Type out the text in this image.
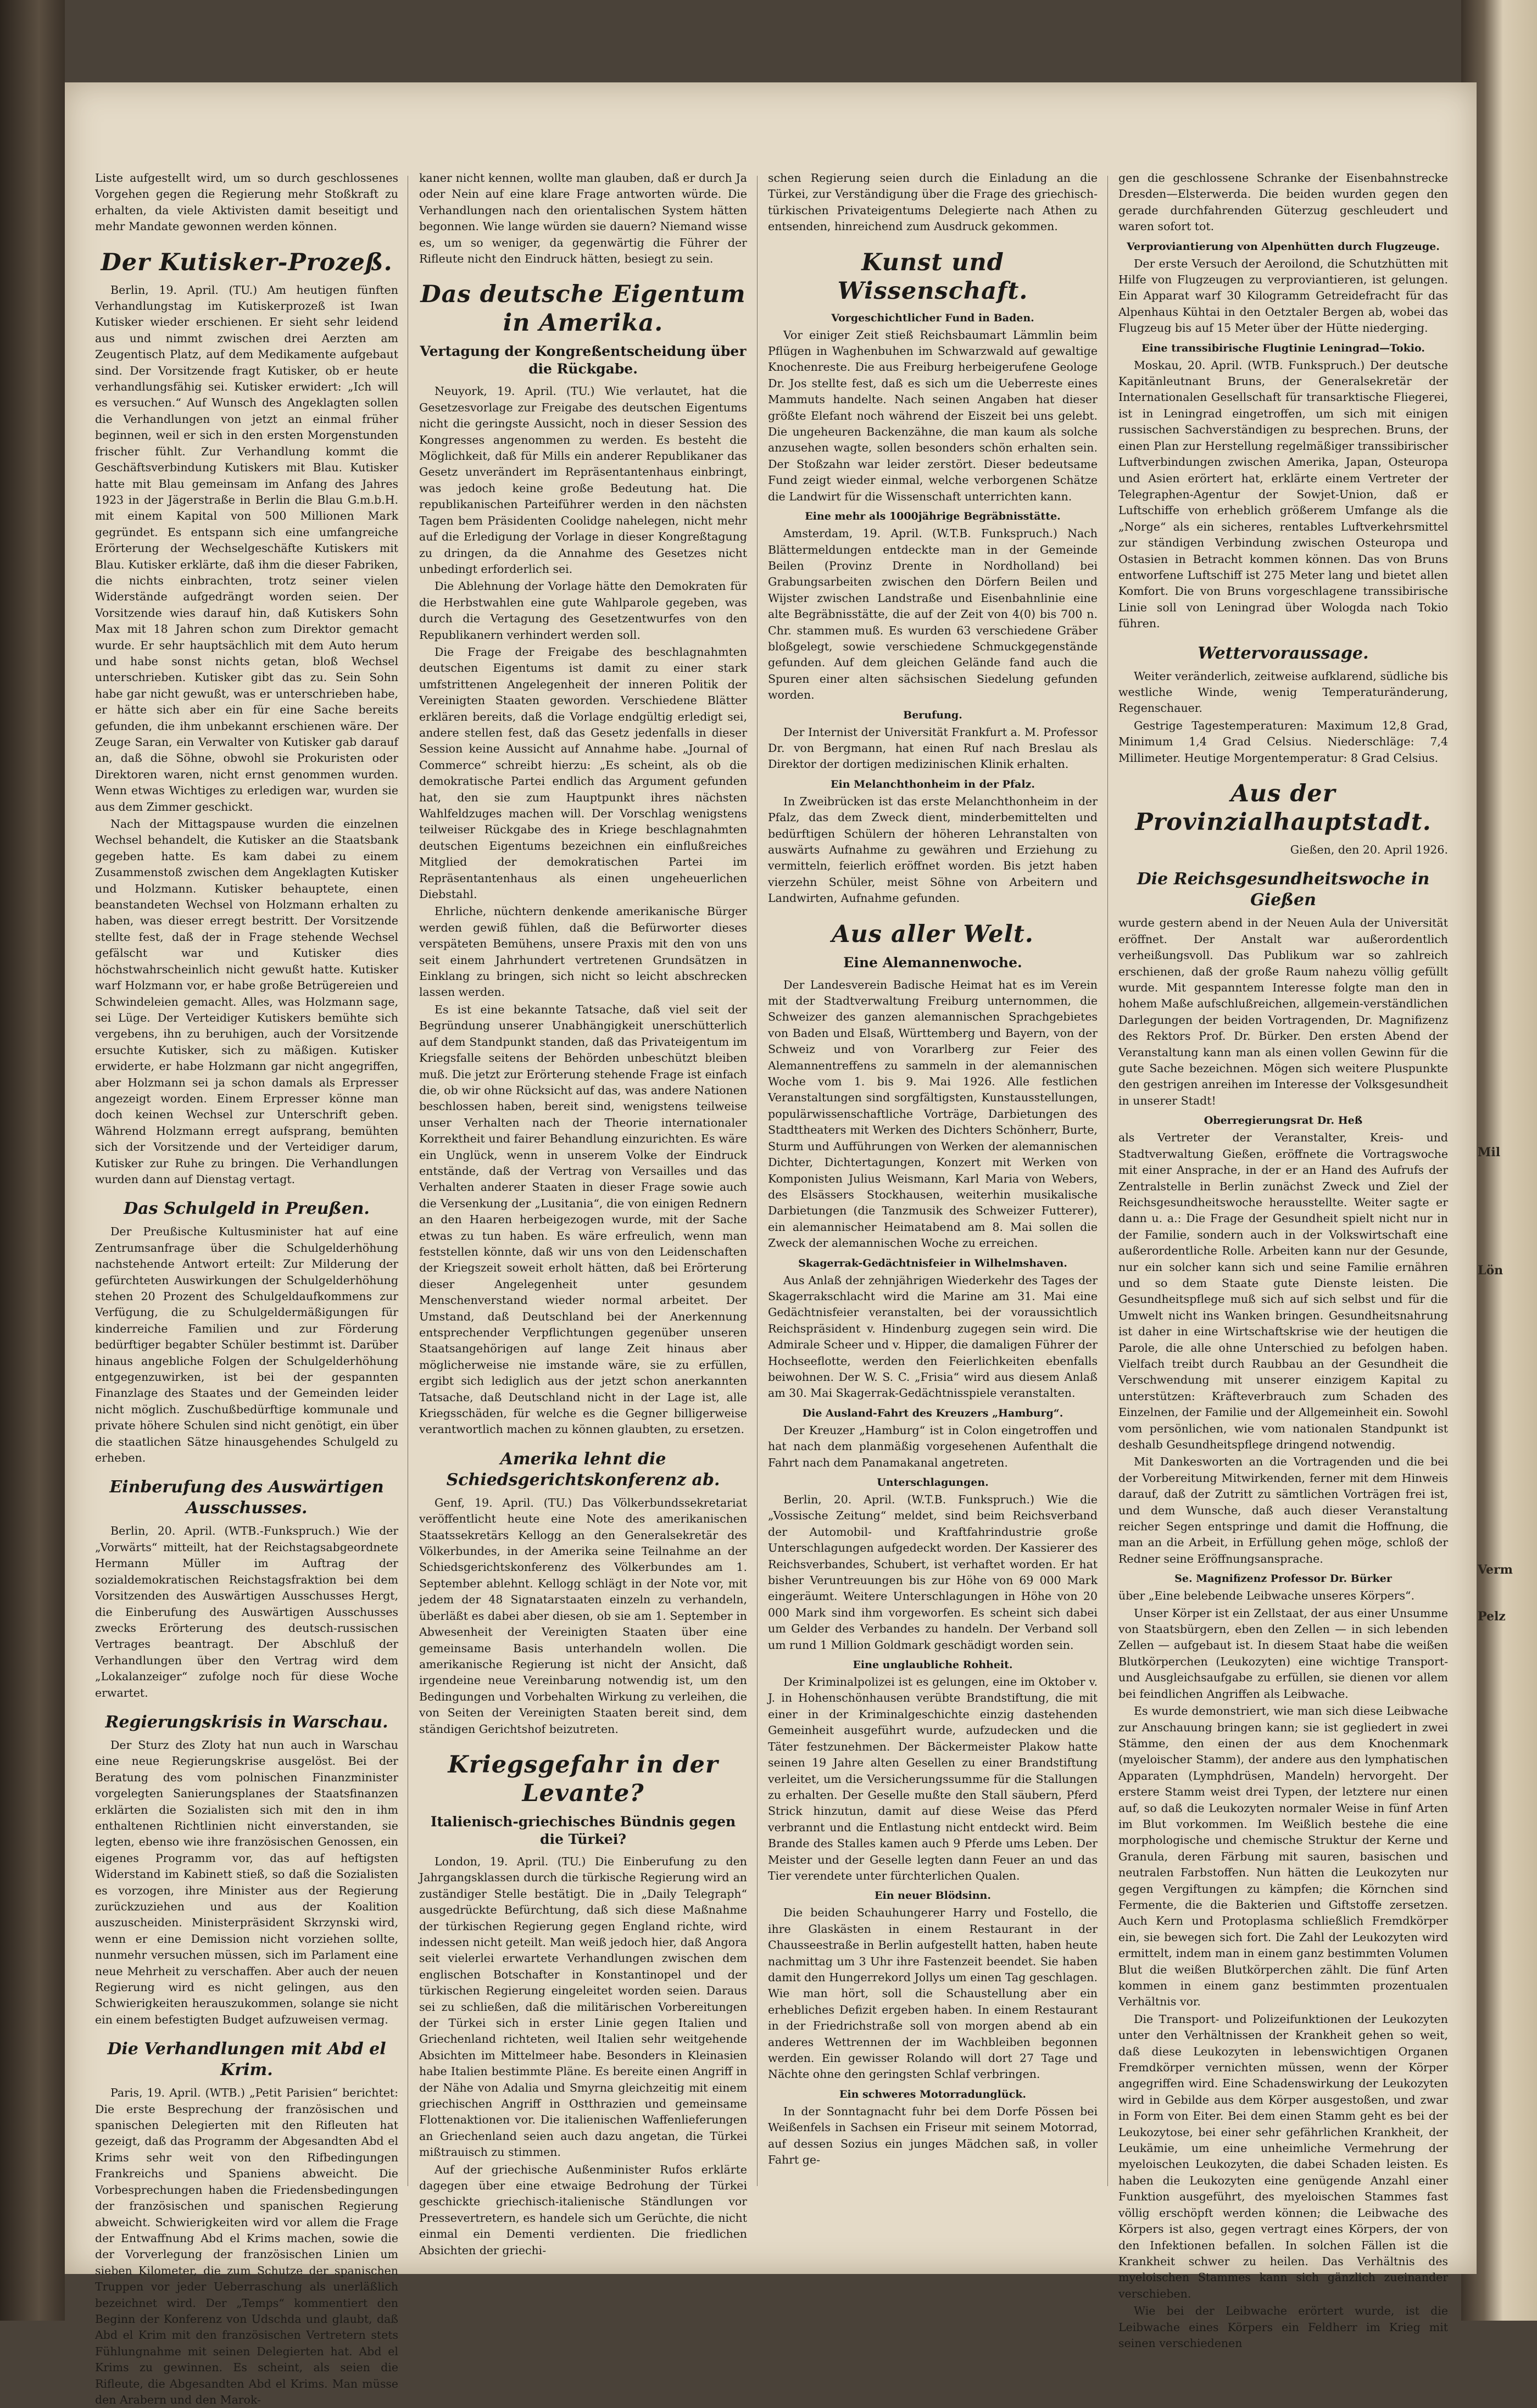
Mil
Lön
Verm
Pelz

Liste aufgestellt wird, um so durch geschlossenes Vorgehen gegen die Regierung mehr Stoßkraft zu erhalten, da viele Aktivisten damit beseitigt und mehr Mandate gewonnen werden können.

Der Kutisker-Prozeß.

Berlin, 19. April. (TU.) Am heutigen fünften Verhandlungstag im Kutiskerprozeß ist Iwan Kutisker wieder erschienen. Er sieht sehr leidend aus und nimmt zwischen drei Aerzten am Zeugentisch Platz, auf dem Medikamente aufgebaut sind. Der Vorsitzende fragt Kutisker, ob er heute verhandlungsfähig sei. Kutisker erwidert: „Ich will es versuchen.“ Auf Wunsch des Angeklagten sollen die Verhandlungen von jetzt an einmal früher beginnen, weil er sich in den ersten Morgenstunden frischer fühlt. Zur Verhandlung kommt die Geschäftsverbindung Kutiskers mit Blau. Kutisker hatte mit Blau gemeinsam im Anfang des Jahres 1923 in der Jägerstraße in Berlin die Blau G.m.b.H. mit einem Kapital von 500 Millionen Mark gegründet. Es entspann sich eine umfangreiche Erörterung der Wechselgeschäfte Kutiskers mit Blau. Kutisker erklärte, daß ihm die dieser Fabriken, die nichts einbrachten, trotz seiner vielen Widerstände aufgedrängt worden seien. Der Vorsitzende wies darauf hin, daß Kutiskers Sohn Max mit 18 Jahren schon zum Direktor gemacht wurde. Er sehr hauptsächlich mit dem Auto herum und habe sonst nichts getan, bloß Wechsel unterschrieben. Kutisker gibt das zu. Sein Sohn habe gar nicht gewußt, was er unterschrieben habe, er hätte sich aber ein für eine Sache bereits gefunden, die ihm unbekannt erschienen wäre. Der Zeuge Saran, ein Verwalter von Kutisker gab darauf an, daß die Söhne, obwohl sie Prokuristen oder Direktoren waren, nicht ernst genommen wurden. Wenn etwas Wichtiges zu erledigen war, wurden sie aus dem Zimmer geschickt.

Nach der Mittagspause wurden die einzelnen Wechsel behandelt, die Kutisker an die Staatsbank gegeben hatte. Es kam dabei zu einem Zusammenstoß zwischen dem Angeklagten Kutisker und Holzmann. Kutisker behauptete, einen beanstandeten Wechsel von Holzmann erhalten zu haben, was dieser erregt bestritt. Der Vorsitzende stellte fest, daß der in Frage stehende Wechsel gefälscht war und Kutisker dies höchstwahrscheinlich nicht gewußt hatte. Kutisker warf Holzmann vor, er habe große Betrügereien und Schwindeleien gemacht. Alles, was Holzmann sage, sei Lüge. Der Verteidiger Kutiskers bemühte sich vergebens, ihn zu beruhigen, auch der Vorsitzende ersuchte Kutisker, sich zu mäßigen. Kutisker erwiderte, er habe Holzmann gar nicht angegriffen, aber Holzmann sei ja schon damals als Erpresser angezeigt worden. Einem Erpresser könne man doch keinen Wechsel zur Unterschrift geben. Während Holzmann erregt aufsprang, bemühten sich der Vorsitzende und der Verteidiger darum, Kutisker zur Ruhe zu bringen. Die Verhandlungen wurden dann auf Dienstag vertagt.

Das Schulgeld in Preußen.

Der Preußische Kultusminister hat auf eine Zentrumsanfrage über die Schulgelderhöhung nachstehende Antwort erteilt: Zur Milderung der gefürchteten Auswirkungen der Schulgelderhöhung stehen 20 Prozent des Schulgeldaufkommens zur Verfügung, die zu Schulgeldermäßigungen für kinderreiche Familien und zur Förderung bedürftiger begabter Schüler bestimmt ist. Darüber hinaus angebliche Folgen der Schulgelderhöhung entgegenzuwirken, ist bei der gespannten Finanzlage des Staates und der Gemeinden leider nicht möglich. Zuschußbedürftige kommunale und private höhere Schulen sind nicht genötigt, ein über die staatlichen Sätze hinausgehendes Schulgeld zu erheben.

Einberufung des Auswärtigen Ausschusses.

Berlin, 20. April. (WTB.-Funkspruch.) Wie der „Vorwärts“ mitteilt, hat der Reichstagsabgeordnete Hermann Müller im Auftrag der sozialdemokratischen Reichstagsfraktion bei dem Vorsitzenden des Auswärtigen Ausschusses Hergt, die Einberufung des Auswärtigen Ausschusses zwecks Erörterung des deutsch-russischen Vertrages beantragt. Der Abschluß der Verhandlungen über den Vertrag wird dem „Lokalanzeiger“ zufolge noch für diese Woche erwartet.

Regierungskrisis in Warschau.

Der Sturz des Zloty hat nun auch in Warschau eine neue Regierungskrise ausgelöst. Bei der Beratung des vom polnischen Finanzminister vorgelegten Sanierungsplanes der Staatsfinanzen erklärten die Sozialisten sich mit den in ihm enthaltenen Richtlinien nicht einverstanden, sie legten, ebenso wie ihre französischen Genossen, ein eigenes Programm vor, das auf heftigsten Widerstand im Kabinett stieß, so daß die Sozialisten es vorzogen, ihre Minister aus der Regierung zurückzuziehen und aus der Koalition auszuscheiden. Ministerpräsident Skrzynski wird, wenn er eine Demission nicht vorziehen sollte, nunmehr versuchen müssen, sich im Parlament eine neue Mehrheit zu verschaffen. Aber auch der neuen Regierung wird es nicht gelingen, aus den Schwierigkeiten herauszukommen, solange sie nicht ein einem befestigten Budget aufzuweisen vermag.

Die Verhandlungen mit Abd el Krim.

Paris, 19. April. (WTB.) „Petit Parisien“ berichtet: Die erste Besprechung der französischen und spanischen Delegierten mit den Rifleuten hat gezeigt, daß das Programm der Abgesandten Abd el Krims sehr weit von den Rifbedingungen Frankreichs und Spaniens abweicht. Die Vorbesprechungen haben die Friedensbedingungen der französischen und spanischen Regierung abweicht. Schwierigkeiten wird vor allem die Frage der Entwaffnung Abd el Krims machen, sowie die der Vorverlegung der französischen Linien um sieben Kilometer, die zum Schutze der spanischen Truppen vor jeder Ueberraschung als unerläßlich bezeichnet wird. Der „Temps“ kommentiert den Beginn der Konferenz von Udschda und glaubt, daß Abd el Krim mit den französischen Vertretern stets Fühlungnahme mit seinen Delegierten hat. Abd el Krims zu gewinnen. Es scheint, als seien die Rifleute, die Abgesandten Abd el Krims. Man müsse den Arabern und den Marok-

kaner nicht kennen, wollte man glauben, daß er durch Ja oder Nein auf eine klare Frage antworten würde. Die Verhandlungen nach den orientalischen System hätten begonnen. Wie lange würden sie dauern? Niemand wisse es, um so weniger, da gegenwärtig die Führer der Rifleute nicht den Eindruck hätten, besiegt zu sein.

Das deutsche Eigentum in Amerika.
Vertagung der Kongreßentscheidung über die Rückgabe.

Neuyork, 19. April. (TU.) Wie verlautet, hat die Gesetzesvorlage zur Freigabe des deutschen Eigentums nicht die geringste Aussicht, noch in dieser Session des Kongresses angenommen zu werden. Es besteht die Möglichkeit, daß für Mills ein anderer Republikaner das Gesetz unverändert im Repräsentantenhaus einbringt, was jedoch keine große Bedeutung hat. Die republikanischen Parteiführer werden in den nächsten Tagen bem Präsidenten Coolidge nahelegen, nicht mehr auf die Erledigung der Vorlage in dieser Kongreßtagung zu dringen, da die Annahme des Gesetzes nicht unbedingt erforderlich sei.

Die Ablehnung der Vorlage hätte den Demokraten für die Herbstwahlen eine gute Wahlparole gegeben, was durch die Vertagung des Gesetzentwurfes von den Republikanern verhindert werden soll.

Die Frage der Freigabe des beschlagnahmten deutschen Eigentums ist damit zu einer stark umfstrittenen Angelegenheit der inneren Politik der Vereinigten Staaten geworden. Verschiedene Blätter erklären bereits, daß die Vorlage endgültig erledigt sei, andere stellen fest, daß das Gesetz jedenfalls in dieser Session keine Aussicht auf Annahme habe. „Journal of Commerce“ schreibt hierzu: „Es scheint, als ob die demokratische Partei endlich das Argument gefunden hat, den sie zum Hauptpunkt ihres nächsten Wahlfeldzuges machen will. Der Vorschlag wenigstens teilweiser Rückgabe des in Kriege beschlagnahmten deutschen Eigentums bezeichnen ein einflußreiches Mitglied der demokratischen Partei im Repräsentantenhaus als einen ungeheuerlichen Diebstahl.

Ehrliche, nüchtern denkende amerikanische Bürger werden gewiß fühlen, daß die Befürworter dieses verspäteten Bemühens, unsere Praxis mit den von uns seit einem Jahrhundert vertretenen Grundsätzen in Einklang zu bringen, sich nicht so leicht abschrecken lassen werden.

Es ist eine bekannte Tatsache, daß viel seit der Begründung unserer Unabhängigkeit unerschütterlich auf dem Standpunkt standen, daß das Privateigentum im Kriegsfalle seitens der Behörden unbeschützt bleiben muß. Die jetzt zur Erörterung stehende Frage ist einfach die, ob wir ohne Rücksicht auf das, was andere Nationen beschlossen haben, bereit sind, wenigstens teilweise unser Verhalten nach der Theorie internationaler Korrektheit und fairer Behandlung einzurichten. Es wäre ein Unglück, wenn in unserem Volke der Eindruck entstände, daß der Vertrag von Versailles und das Verhalten anderer Staaten in dieser Frage sowie auch die Versenkung der „Lusitania“, die von einigen Rednern an den Haaren herbeigezogen wurde, mit der Sache etwas zu tun haben. Es wäre erfreulich, wenn man feststellen könnte, daß wir uns von den Leidenschaften der Kriegszeit soweit erholt hätten, daß bei Erörterung dieser Angelegenheit unter gesundem Menschenverstand wieder normal arbeitet. Der Umstand, daß Deutschland bei der Anerkennung entsprechender Verpflichtungen gegenüber unseren Staatsangehörigen auf lange Zeit hinaus aber möglicherweise nie imstande wäre, sie zu erfüllen, ergibt sich lediglich aus der jetzt schon anerkannten Tatsache, daß Deutschland nicht in der Lage ist, alle Kriegsschäden, für welche es die Gegner billigerweise verantwortlich machen zu können glaubten, zu ersetzen.

Amerika lehnt die Schiedsgerichtskonferenz ab.

Genf, 19. April. (TU.) Das Völkerbundssekretariat veröffentlicht heute eine Note des amerikanischen Staatssekretärs Kellogg an den Generalsekretär des Völkerbundes, in der Amerika seine Teilnahme an der Schiedsgerichtskonferenz des Völkerbundes am 1. September ablehnt. Kellogg schlägt in der Note vor, mit jedem der 48 Signatarstaaten einzeln zu verhandeln, überläßt es dabei aber diesen, ob sie am 1. September in Abwesenheit der Vereinigten Staaten über eine gemeinsame Basis unterhandeln wollen. Die amerikanische Regierung ist nicht der Ansicht, daß irgendeine neue Vereinbarung notwendig ist, um den Bedingungen und Vorbehalten Wirkung zu verleihen, die von Seiten der Vereinigten Staaten bereit sind, dem ständigen Gerichtshof beizutreten.

Kriegsgefahr in der Levante?
Italienisch-griechisches Bündnis gegen die Türkei?

London, 19. April. (TU.) Die Einberufung zu den Jahrgangsklassen durch die türkische Regierung wird an zuständiger Stelle bestätigt. Die in „Daily Telegraph“ ausgedrückte Befürchtung, daß sich diese Maßnahme der türkischen Regierung gegen England richte, wird indessen nicht geteilt. Man weiß jedoch hier, daß Angora seit vielerlei erwartete Verhandlungen zwischen dem englischen Botschafter in Konstantinopel und der türkischen Regierung eingeleitet worden seien. Daraus sei zu schließen, daß die militärischen Vorbereitungen der Türkei sich in erster Linie gegen Italien und Griechenland richteten, weil Italien sehr weitgehende Absichten im Mittelmeer habe. Besonders in Kleinasien habe Italien bestimmte Pläne. Es bereite einen Angriff in der Nähe von Adalia und Smyrna gleichzeitig mit einem griechischen Angriff in Ostthrazien und gemeinsame Flottenaktionen vor. Die italienischen Waffenlieferungen an Griechenland seien auch dazu angetan, die Türkei mißtrauisch zu stimmen.

Auf der griechische Außenminister Rufos erklärte dagegen über eine etwaige Bedrohung der Türkei geschickte griechisch-italienische Ständlungen vor Pressevertretern, es handele sich um Gerüchte, die nicht einmal ein Dementi verdienten. Die friedlichen Absichten der griechi-

schen Regierung seien durch die Einladung an die Türkei, zur Verständigung über die Frage des griechisch-türkischen Privateigentums Delegierte nach Athen zu entsenden, hinreichend zum Ausdruck gekommen.

Kunst und Wissenschaft.
Vorgeschichtlicher Fund in Baden.

Vor einiger Zeit stieß Reichsbaumart Lämmlin beim Pflügen in Waghenbuhen im Schwarzwald auf gewaltige Knochenreste. Die aus Freiburg herbeigerufene Geologe Dr. Jos stellte fest, daß es sich um die Ueberreste eines Mammuts handelte. Nach seinen Angaben hat dieser größte Elefant noch während der Eiszeit bei uns gelebt. Die ungeheuren Backenzähne, die man kaum als solche anzusehen wagte, sollen besonders schön erhalten sein. Der Stoßzahn war leider zerstört. Dieser bedeutsame Fund zeigt wieder einmal, welche verborgenen Schätze die Landwirt für die Wissenschaft unterrichten kann.

Eine mehr als 1000jährige Begräbnisstätte.

Amsterdam, 19. April. (W.T.B. Funkspruch.) Nach Blättermeldungen entdeckte man in der Gemeinde Beilen (Provinz Drente in Nordholland) bei Grabungsarbeiten zwischen den Dörfern Beilen und Wijster zwischen Landstraße und Eisenbahnlinie eine alte Begräbnisstätte, die auf der Zeit von 4(0) bis 700 n. Chr. stammen muß. Es wurden 63 verschiedene Gräber bloßgelegt, sowie verschiedene Schmuckgegenstände gefunden. Auf dem gleichen Gelände fand auch die Spuren einer alten sächsischen Siedelung gefunden worden.

Berufung.

Der Internist der Universität Frankfurt a. M. Professor Dr. von Bergmann, hat einen Ruf nach Breslau als Direktor der dortigen medizinischen Klinik erhalten.

Ein Melanchthonheim in der Pfalz.

In Zweibrücken ist das erste Melanchthonheim in der Pfalz, das dem Zweck dient, minderbemittelten und bedürftigen Schülern der höheren Lehranstalten von auswärts Aufnahme zu gewähren und Erziehung zu vermitteln, feierlich eröffnet worden. Bis jetzt haben vierzehn Schüler, meist Söhne von Arbeitern und Landwirten, Aufnahme gefunden.

Aus aller Welt.
Eine Alemannenwoche.

Der Landesverein Badische Heimat hat es im Verein mit der Stadtverwaltung Freiburg unternommen, die Schweizer des ganzen alemannischen Sprachgebietes von Baden und Elsaß, Württemberg und Bayern, von der Schweiz und von Vorarlberg zur Feier des Alemannentreffens zu sammeln in der alemannischen Woche vom 1. bis 9. Mai 1926. Alle festlichen Veranstaltungen sind sorgfältigsten, Kunstausstellungen, populärwissenschaftliche Vorträge, Darbietungen des Stadttheaters mit Werken des Dichters Schönherr, Burte, Sturm und Aufführungen von Werken der alemannischen Dichter, Dichtertagungen, Konzert mit Werken von Komponisten Julius Weismann, Karl Maria von Webers, des Elsässers Stockhausen, weiterhin musikalische Darbietungen (die Tanzmusik des Schweizer Futterer), ein alemannischer Heimatabend am 8. Mai sollen die Zweck der alemannischen Woche zu erreichen.

Skagerrak-Gedächtnisfeier in Wilhelmshaven.

Aus Anlaß der zehnjährigen Wiederkehr des Tages der Skagerrakschlacht wird die Marine am 31. Mai eine Gedächtnisfeier veranstalten, bei der voraussichtlich Reichspräsident v. Hindenburg zugegen sein wird. Die Admirale Scheer und v. Hipper, die damaligen Führer der Hochseeflotte, werden den Feierlichkeiten ebenfalls beiwohnen. Der W. S. C. „Frisia“ wird aus diesem Anlaß am 30. Mai Skagerrak-Gedächtnisspiele veranstalten.

Die Ausland-Fahrt des Kreuzers „Hamburg“.

Der Kreuzer „Hamburg“ ist in Colon eingetroffen und hat nach dem planmäßig vorgesehenen Aufenthalt die Fahrt nach dem Panamakanal angetreten.

Unterschlagungen.

Berlin, 20. April. (W.T.B. Funkspruch.) Wie die „Vossische Zeitung“ meldet, sind beim Reichsverband der Automobil- und Kraftfahrindustrie große Unterschlagungen aufgedeckt worden. Der Kassierer des Reichsverbandes, Schubert, ist verhaftet worden. Er hat bisher Veruntreuungen bis zur Höhe von 69 000 Mark eingeräumt. Weitere Unterschlagungen in Höhe von 20 000 Mark sind ihm vorgeworfen. Es scheint sich dabei um Gelder des Verbandes zu handeln. Der Verband soll um rund 1 Million Goldmark geschädigt worden sein.

Eine unglaubliche Rohheit.

Der Kriminalpolizei ist es gelungen, eine im Oktober v. J. in Hohenschönhausen verübte Brandstiftung, die mit einer in der Kriminalgeschichte einzig dastehenden Gemeinheit ausgeführt wurde, aufzudecken und die Täter festzunehmen. Der Bäckermeister Plakow hatte seinen 19 Jahre alten Gesellen zu einer Brandstiftung verleitet, um die Versicherungssumme für die Stallungen zu erhalten. Der Geselle mußte den Stall säubern, Pferd Strick hinzutun, damit auf diese Weise das Pferd verbrannt und die Entlastung nicht entdeckt wird. Beim Brande des Stalles kamen auch 9 Pferde ums Leben. Der Meister und der Geselle legten dann Feuer an und das Tier verendete unter fürchterlichen Qualen.

Ein neuer Blödsinn.

Die beiden Schauhungerer Harry und Fostello, die ihre Glaskästen in einem Restaurant in der Chausseestraße in Berlin aufgestellt hatten, haben heute nachmittag um 3 Uhr ihre Fastenzeit beendet. Sie haben damit den Hungerrekord Jollys um einen Tag geschlagen. Wie man hört, soll die Schaustellung aber ein erhebliches Defizit ergeben haben. In einem Restaurant in der Friedrichstraße soll von morgen abend ab ein anderes Wettrennen der im Wachbleiben begonnen werden. Ein gewisser Rolando will dort 27 Tage und Nächte ohne den geringsten Schlaf verbringen.

Ein schweres Motorradunglück.

In der Sonntagnacht fuhr bei dem Dorfe Pössen bei Weißenfels in Sachsen ein Friseur mit seinem Motorrad, auf dessen Sozius ein junges Mädchen saß, in voller Fahrt ge-

gen die geschlossene Schranke der Eisenbahnstrecke Dresden—Elsterwerda. Die beiden wurden gegen den gerade durchfahrenden Güterzug geschleudert und waren sofort tot.

Verproviantierung von Alpenhütten durch Flugzeuge.

Der erste Versuch der Aeroilond, die Schutzhütten mit Hilfe von Flugzeugen zu verproviantieren, ist gelungen. Ein Apparat warf 30 Kilogramm Getreidefracht für das Alpenhaus Kühtai in den Oetztaler Bergen ab, wobei das Flugzeug bis auf 15 Meter über der Hütte niederging.

Eine transsibirische Flugtinie Leningrad—Tokio.

Moskau, 20. April. (WTB. Funkspruch.) Der deutsche Kapitänleutnant Bruns, der Generalsekretär der Internationalen Gesellschaft für transarktische Fliegerei, ist in Leningrad eingetroffen, um sich mit einigen russischen Sachverständigen zu besprechen. Bruns, der einen Plan zur Herstellung regelmäßiger transsibirischer Luftverbindungen zwischen Amerika, Japan, Osteuropa und Asien erörtert hat, erklärte einem Vertreter der Telegraphen-Agentur der Sowjet-Union, daß er Luftschiffe von erheblich größerem Umfange als die „Norge“ als ein sicheres, rentables Luftverkehrsmittel zur ständigen Verbindung zwischen Osteuropa und Ostasien in Betracht kommen können. Das von Bruns entworfene Luftschiff ist 275 Meter lang und bietet allen Komfort. Die von Bruns vorgeschlagene transsibirische Linie soll von Leningrad über Wologda nach Tokio führen.

Wettervoraussage.

Weiter veränderlich, zeitweise aufklarend, südliche bis westliche Winde, wenig Temperaturänderung, Regenschauer.

Gestrige Tagestemperaturen: Maximum 12,8 Grad, Minimum 1,4 Grad Celsius. Niederschläge: 7,4 Millimeter. Heutige Morgentemperatur: 8 Grad Celsius.

Aus der Provinzialhauptstadt.

Gießen, den 20. April 1926.

Die Reichsgesundheitswoche in Gießen

wurde gestern abend in der Neuen Aula der Universität eröffnet. Der Anstalt war außerordentlich verheißungsvoll. Das Publikum war so zahlreich erschienen, daß der große Raum nahezu völlig gefüllt wurde. Mit gespanntem Interesse folgte man den in hohem Maße aufschlußreichen, allgemein-verständlichen Darlegungen der beiden Vortragenden, Dr. Magnifizenz des Rektors Prof. Dr. Bürker. Den ersten Abend der Veranstaltung kann man als einen vollen Gewinn für die gute Sache bezeichnen. Mögen sich weitere Pluspunkte den gestrigen anreihen im Interesse der Volksgesundheit in unserer Stadt!

Oberregierungsrat Dr. Heß

als Vertreter der Veranstalter, Kreis- und Stadtverwaltung Gießen, eröffnete die Vortragswoche mit einer Ansprache, in der er an Hand des Aufrufs der Zentralstelle in Berlin zunächst Zweck und Ziel der Reichsgesundheitswoche herausstellte. Weiter sagte er dann u. a.: Die Frage der Gesundheit spielt nicht nur in der Familie, sondern auch in der Volkswirtschaft eine außerordentliche Rolle. Arbeiten kann nur der Gesunde, nur ein solcher kann sich und seine Familie ernähren und so dem Staate gute Dienste leisten. Die Gesundheitspflege muß sich auf sich selbst und für die Umwelt nicht ins Wanken bringen. Gesundheitsnahrung ist daher in eine Wirtschaftskrise wie der heutigen die Parole, die alle ohne Unterschied zu befolgen haben. Vielfach treibt durch Raubbau an der Gesundheit die Verschwendung mit unserer einzigem Kapital zu unterstützen: Kräfteverbrauch zum Schaden des Einzelnen, der Familie und der Allgemeinheit ein. Sowohl vom persönlichen, wie vom nationalen Standpunkt ist deshalb Gesundheitspflege dringend notwendig.

Mit Dankesworten an die Vortragenden und die bei der Vorbereitung Mitwirkenden, ferner mit dem Hinweis darauf, daß der Zutritt zu sämtlichen Vorträgen frei ist, und dem Wunsche, daß auch dieser Veranstaltung reicher Segen entspringe und damit die Hoffnung, die man an die Arbeit, in Erfüllung gehen möge, schloß der Redner seine Eröffnungsansprache.

Se. Magnifizenz Professor Dr. Bürker

über „Eine belebende Leibwache unseres Körpers“.

Unser Körper ist ein Zellstaat, der aus einer Unsumme von Staatsbürgern, eben den Zellen — in sich lebenden Zellen — aufgebaut ist. In diesem Staat habe die weißen Blutkörperchen (Leukozyten) eine wichtige Transport- und Ausgleichsaufgabe zu erfüllen, sie dienen vor allem bei feindlichen Angriffen als Leibwache.

Es wurde demonstriert, wie man sich diese Leibwache zur Anschauung bringen kann; sie ist gegliedert in zwei Stämme, den einen der aus dem Knochenmark (myeloischer Stamm), der andere aus den lymphatischen Apparaten (Lymphdrüsen, Mandeln) hervorgeht. Der erstere Stamm weist drei Typen, der letztere nur einen auf, so daß die Leukozyten normaler Weise in fünf Arten im Blut vorkommen. Im Weißlich bestehe die eine morphologische und chemische Struktur der Kerne und Granula, deren Färbung mit sauren, basischen und neutralen Farbstoffen. Nun hätten die Leukozyten nur gegen Vergiftungen zu kämpfen; die Körnchen sind Fermente, die die Bakterien und Giftstoffe zersetzen. Auch Kern und Protoplasma schließlich Fremdkörper ein, sie bewegen sich fort. Die Zahl der Leukozyten wird ermittelt, indem man in einem ganz bestimmten Volumen Blut die weißen Blutkörperchen zählt. Die fünf Arten kommen in einem ganz bestimmten prozentualen Verhältnis vor.

Die Transport- und Polizeifunktionen der Leukozyten unter den Verhältnissen der Krankheit gehen so weit, daß diese Leukozyten in lebenswichtigen Organen Fremdkörper vernichten müssen, wenn der Körper angegriffen wird. Eine Schadenswirkung der Leukozyten wird in Gebilde aus dem Körper ausgestoßen, und zwar in Form von Eiter. Bei dem einen Stamm geht es bei der Leukozytose, bei einer sehr gefährlichen Krankheit, der Leukämie, um eine unheimliche Vermehrung der myeloischen Leukozyten, die dabei Schaden leisten. Es haben die Leukozyten eine genügende Anzahl einer Funktion ausgeführt, des myeloischen Stammes fast völlig erschöpft werden können; die Leibwache des Körpers ist also, gegen vertragt eines Körpers, der von den Infektionen befallen. In solchen Fällen ist die Krankheit schwer zu heilen. Das Verhältnis des myeloischen Stammes kann sich gänzlich zueinander verschieben.

Wie bei der Leibwache erörtert wurde, ist die Leibwache eines Körpers ein Feldherr im Krieg mit seinen verschiedenen
